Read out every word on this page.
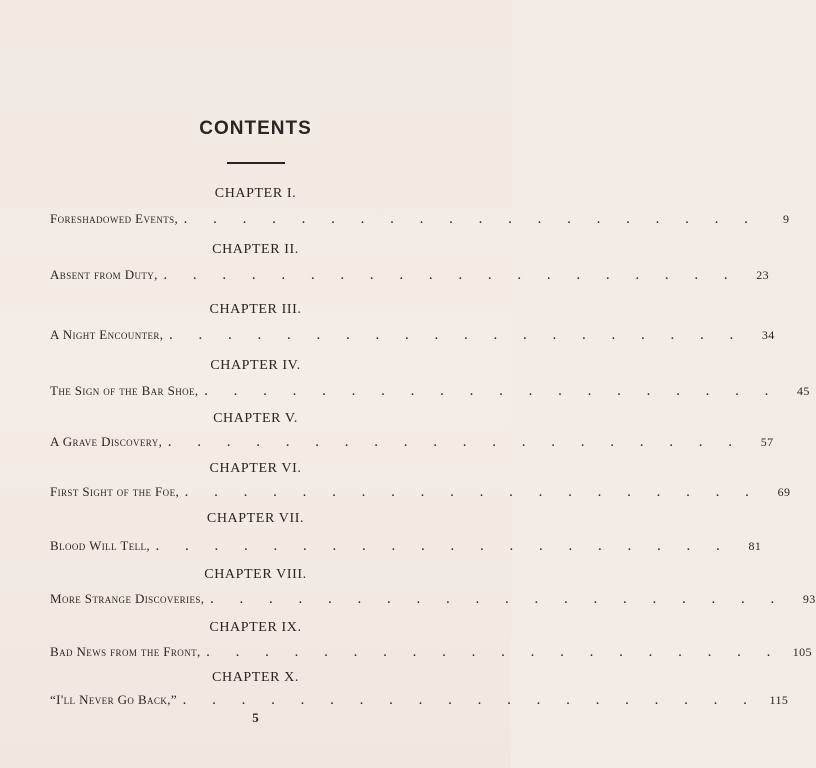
CONTENTS
CHAPTER I.
Foreshadowed Events, . . . . . . . . . . . . . . . . . . . .	9
CHAPTER II.
Absent from Duty, . . . . . . . . . . . . . . . . . . . .	23
CHAPTER III.
A Night Encounter, . . . . . . . . . . . . . . . . . . . .	34
CHAPTER IV.
The Sign of the Bar Shoe, . . . . . . . . . . . . . . . . . . . .	45
CHAPTER V.
A Grave Discovery, . . . . . . . . . . . . . . . . . . . .	57
CHAPTER VI.
First Sight of the Foe, . . . . . . . . . . . . . . . . . . . .	69
CHAPTER VII.
Blood Will Tell, . . . . . . . . . . . . . . . . . . . .	81
CHAPTER VIII.
More Strange Discoveries, . . . . . . . . . . . . . . . . . . . .	93
CHAPTER IX.
Bad News from the Front, . . . . . . . . . . . . . . . . . . . . 105
CHAPTER X.
“I'll Never Go Back,” . . . . . . . . . . . . . . . . . . . . 115
5
